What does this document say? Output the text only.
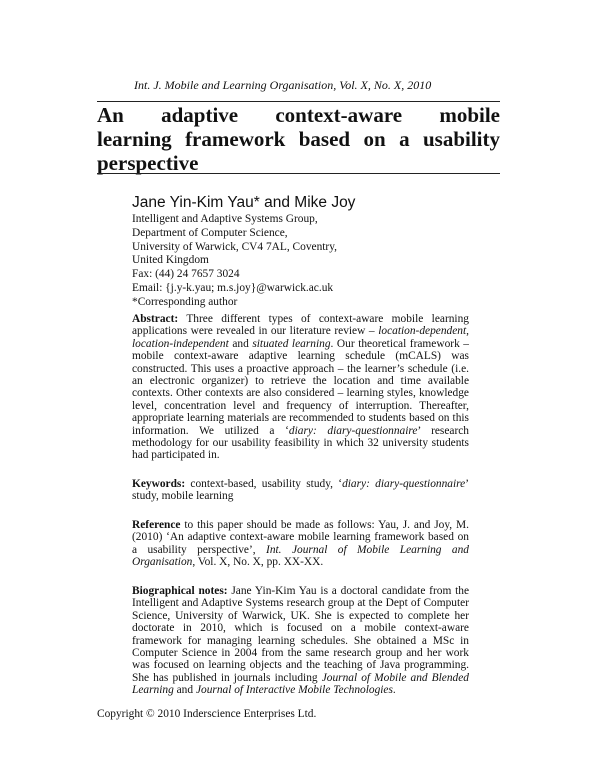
Int. J. Mobile and Learning Organisation, Vol. X, No. X, 2010
An adaptive context-aware mobile
learning framework based on a usability
perspective
Jane Yin-Kim Yau* and Mike Joy
Intelligent and Adaptive Systems Group,
Department of Computer Science,
University of Warwick, CV4 7AL, Coventry,
United Kingdom
Fax: (44) 24 7657 3024
Email: {j.y-k.yau; m.s.joy}@warwick.ac.uk
*Corresponding author

Abstract: Three different types of context-aware mobile learning applications were revealed in our literature review – location-dependent, location-independent and situated learning. Our theoretical framework – mobile context-aware adaptive learning schedule (mCALS) was constructed. This uses a proactive approach – the learner’s schedule (i.e. an electronic organizer) to retrieve the location and time available contexts. Other contexts are also considered – learning styles, knowledge level, concentration level and frequency of interruption. Thereafter, appropriate learning materials are recommended to students based on this information. We utilized a ‘diary: diary-questionnaire’ research methodology for our usability feasibility in which 32 university students had participated in.

Keywords: context-based, usability study, ‘diary: diary-questionnaire’ study, mobile learning

Reference to this paper should be made as follows: Yau, J. and Joy, M. (2010) ‘An adaptive context-aware mobile learning framework based on a usability perspective’, Int. Journal of Mobile Learning and Organisation, Vol. X, No. X, pp. XX-XX.

Biographical notes: Jane Yin-Kim Yau is a doctoral candidate from the Intelligent and Adaptive Systems research group at the Dept of Computer Science, University of Warwick, UK. She is expected to complete her doctorate in 2010, which is focused on a mobile context-aware framework for managing learning schedules. She obtained a MSc in Computer Science in 2004 from the same research group and her work was focused on learning objects and the teaching of Java programming. She has published in journals including Journal of Mobile and Blended Learning and Journal of Interactive Mobile Technologies.

Copyright © 2010 Inderscience Enterprises Ltd.
